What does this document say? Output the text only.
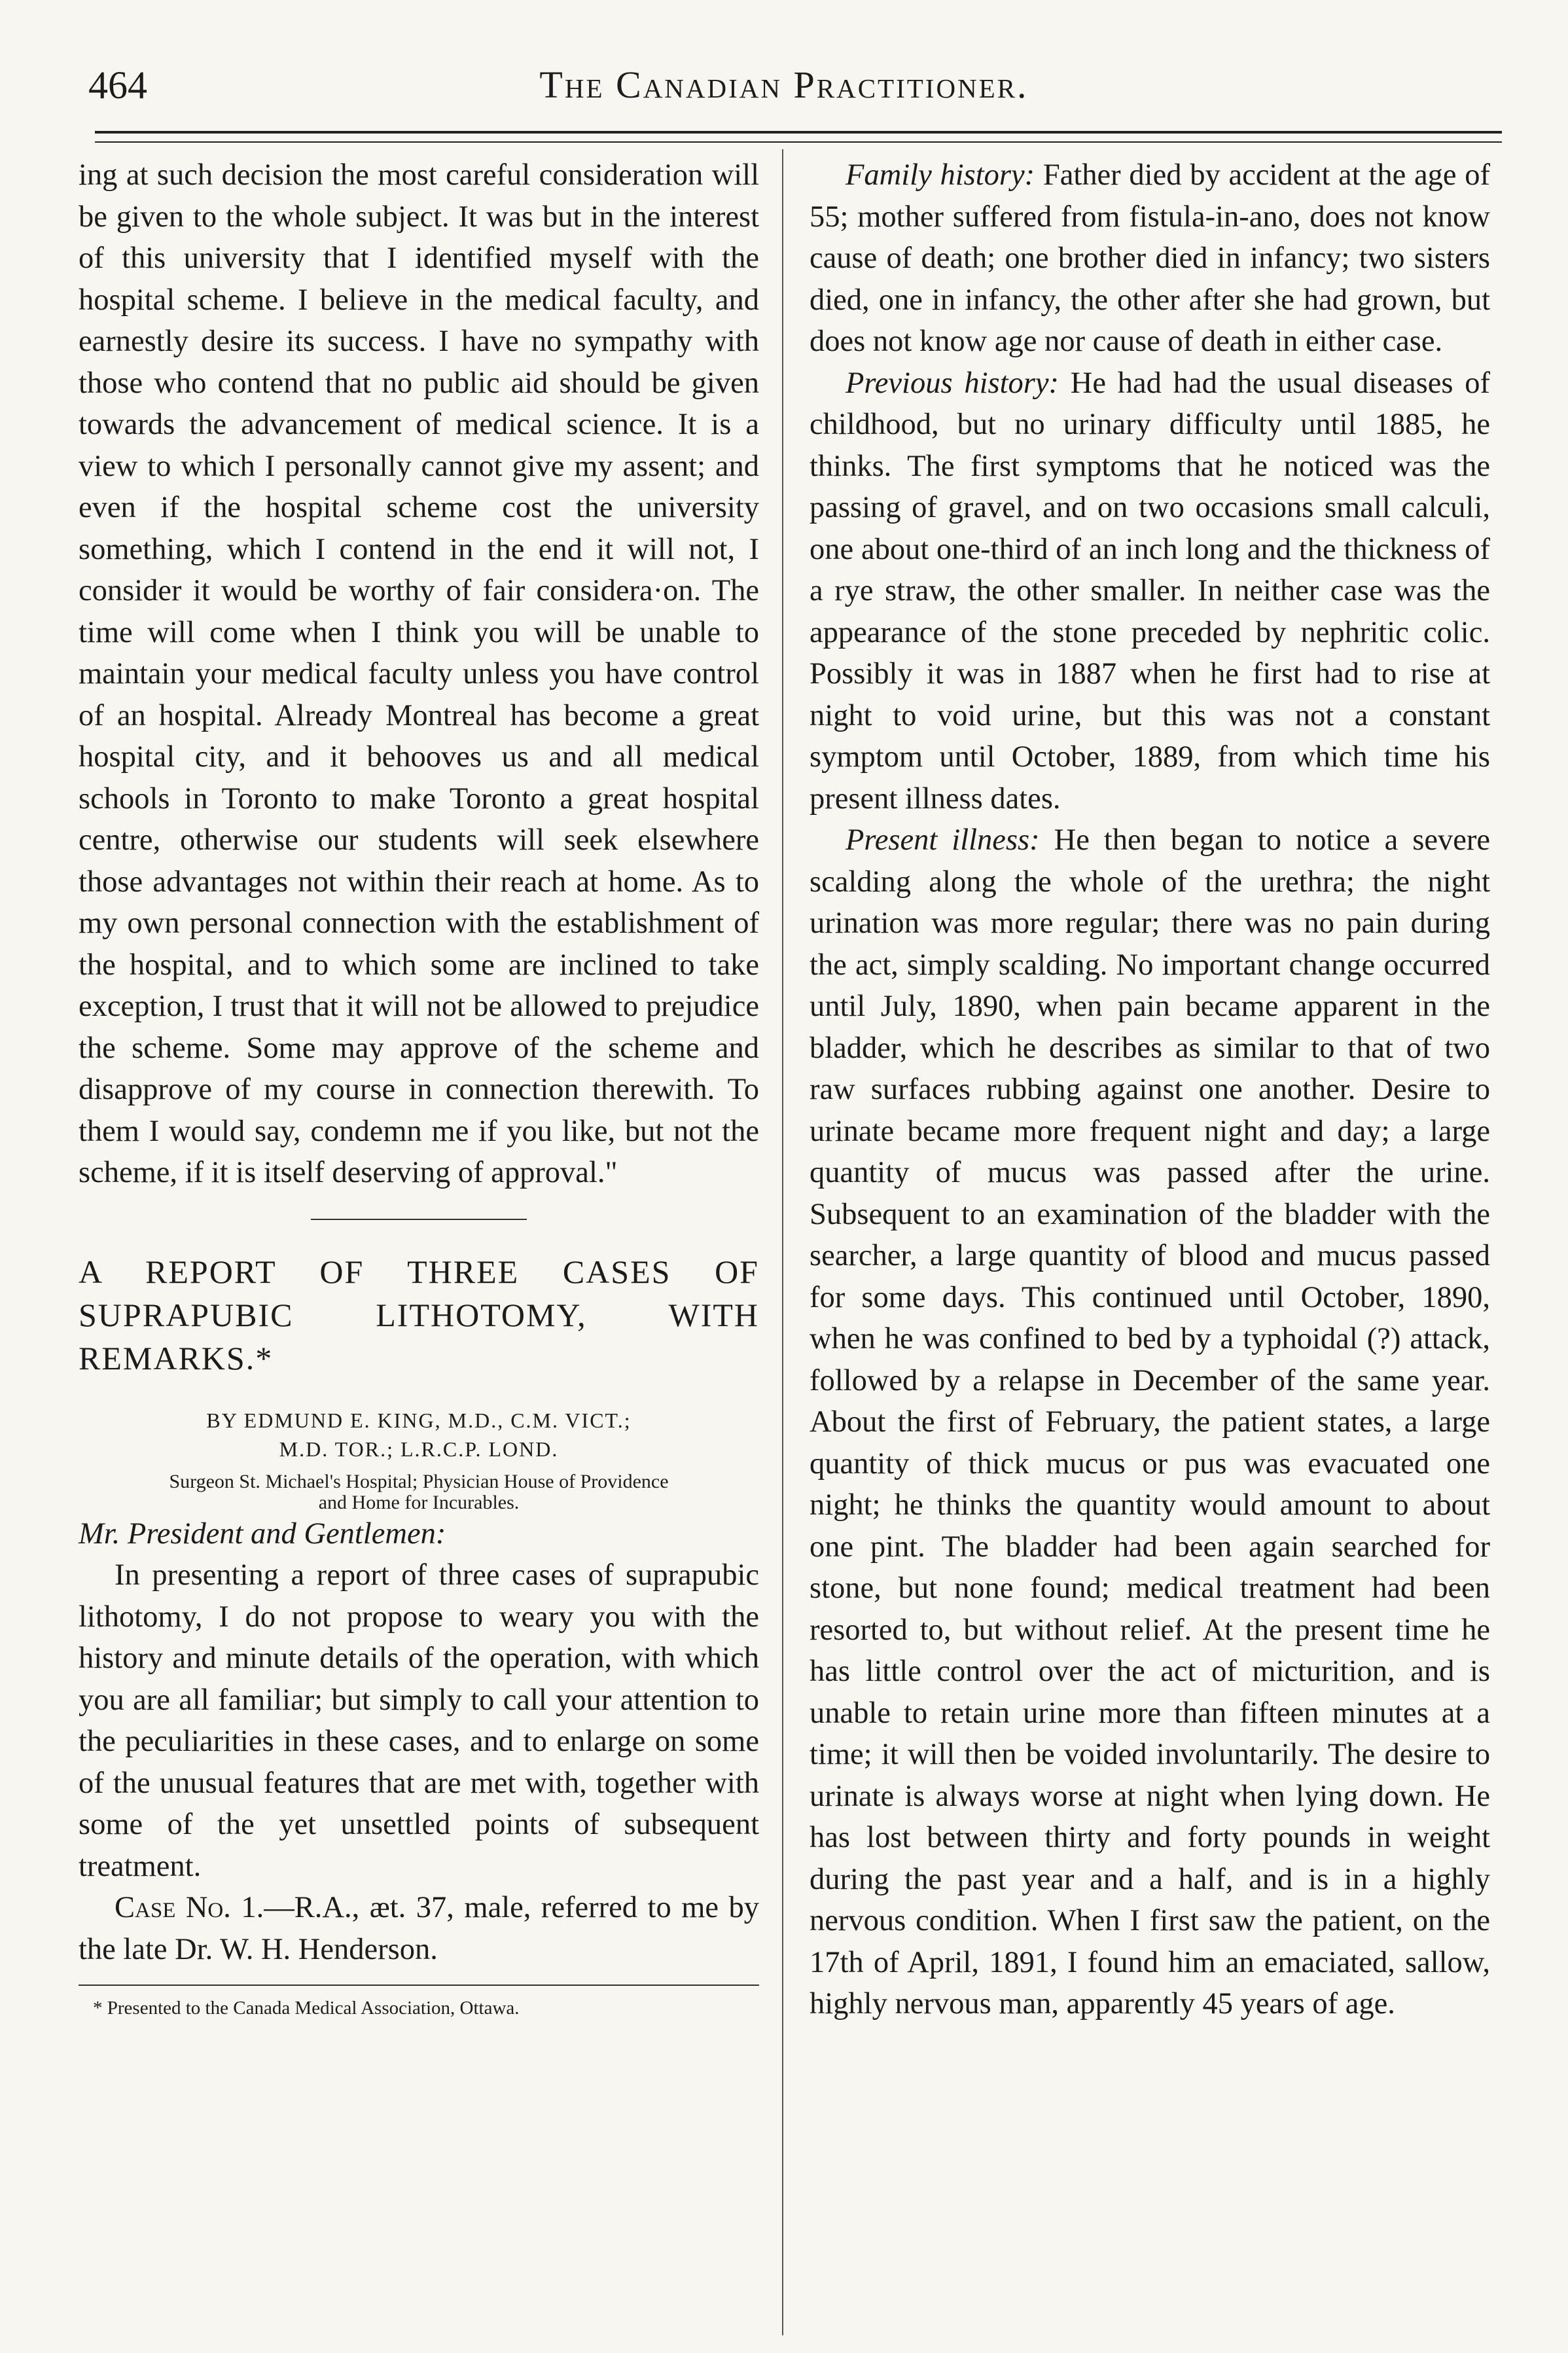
464	The Canadian Practitioner.

ing at such decision the most careful consideration will be given to the whole subject. It was but in the interest of this university that I identified myself with the hospital scheme. I believe in the medical faculty, and earnestly desire its success. I have no sympathy with those who contend that no public aid should be given towards the advancement of medical science. It is a view to which I personally cannot give my assent; and even if the hospital scheme cost the university something, which I contend in the end it will not, I consider it would be worthy of fair considera·on. The time will come when I think you will be unable to maintain your medical faculty unless you have control of an hospital. Already Montreal has become a great hospital city, and it behooves us and all medical schools in Toronto to make Toronto a great hospital centre, otherwise our students will seek elsewhere those advantages not within their reach at home. As to my own personal connection with the establishment of the hospital, and to which some are inclined to take exception, I trust that it will not be allowed to prejudice the scheme. Some may approve of the scheme and disapprove of my course in connection therewith. To them I would say, condemn me if you like, but not the scheme, if it is itself deserving of approval."

A REPORT OF THREE CASES OF SUPRAPUBIC LITHOTOMY, WITH REMARKS.*

BY EDMUND E. KING, M.D., C.M. VICT.;
M.D. TOR.; L.R.C.P. LOND.
Surgeon St. Michael's Hospital; Physician House of Providence
and Home for Incurables.

Mr. President and Gentlemen:

In presenting a report of three cases of suprapubic lithotomy, I do not propose to weary you with the history and minute details of the operation, with which you are all familiar; but simply to call your attention to the peculiarities in these cases, and to enlarge on some of the unusual features that are met with, together with some of the yet unsettled points of subsequent treatment.

Case No. 1.—R.A., æt. 37, male, referred to me by the late Dr. W. H. Henderson.

* Presented to the Canada Medical Association, Ottawa.

Family history: Father died by accident at the age of 55; mother suffered from fistula-in-ano, does not know cause of death; one brother died in infancy; two sisters died, one in infancy, the other after she had grown, but does not know age nor cause of death in either case.

Previous history: He had had the usual diseases of childhood, but no urinary difficulty until 1885, he thinks. The first symptoms that he noticed was the passing of gravel, and on two occasions small calculi, one about one-third of an inch long and the thickness of a rye straw, the other smaller. In neither case was the appearance of the stone preceded by nephritic colic. Possibly it was in 1887 when he first had to rise at night to void urine, but this was not a constant symptom until October, 1889, from which time his present illness dates.

Present illness: He then began to notice a severe scalding along the whole of the urethra; the night urination was more regular; there was no pain during the act, simply scalding. No important change occurred until July, 1890, when pain became apparent in the bladder, which he describes as similar to that of two raw surfaces rubbing against one another. Desire to urinate became more frequent night and day; a large quantity of mucus was passed after the urine. Subsequent to an examination of the bladder with the searcher, a large quantity of blood and mucus passed for some days. This continued until October, 1890, when he was confined to bed by a typhoidal (?) attack, followed by a relapse in December of the same year. About the first of February, the patient states, a large quantity of thick mucus or pus was evacuated one night; he thinks the quantity would amount to about one pint. The bladder had been again searched for stone, but none found; medical treatment had been resorted to, but without relief. At the present time he has little control over the act of micturition, and is unable to retain urine more than fifteen minutes at a time; it will then be voided involuntarily. The desire to urinate is always worse at night when lying down. He has lost between thirty and forty pounds in weight during the past year and a half, and is in a highly nervous condition. When I first saw the patient, on the 17th of April, 1891, I found him an emaciated, sallow, highly nervous man, apparently 45 years of age.
